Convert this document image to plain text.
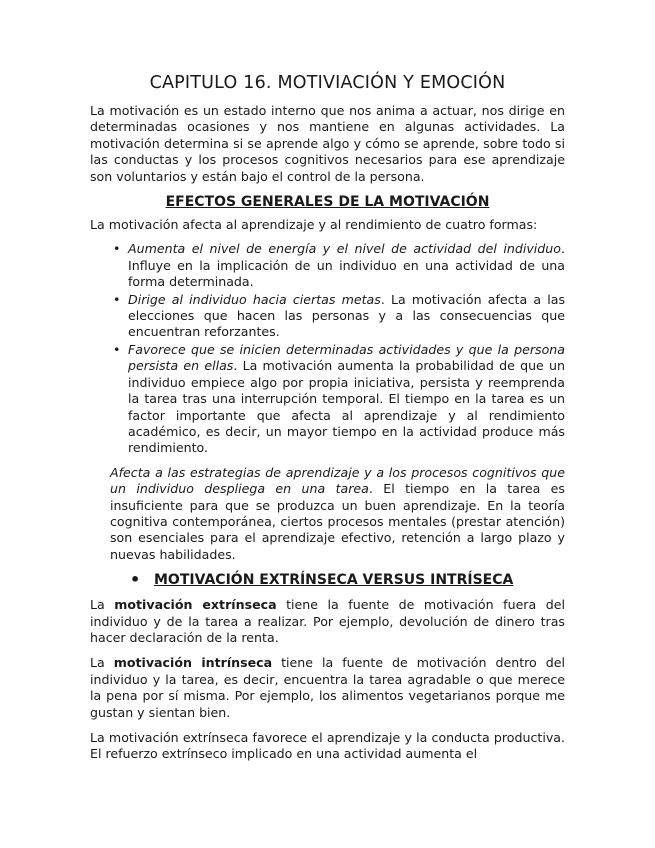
CAPITULO 16. MOTIVIACIÓN Y EMOCIÓN

La motivación es un estado interno que nos anima a actuar, nos dirige en determinadas ocasiones y nos mantiene en algunas actividades. La motivación determina si se aprende algo y cómo se aprende, sobre todo si las conductas y los procesos cognitivos necesarios para ese aprendizaje son voluntarios y están bajo el control de la persona.

EFECTOS GENERALES DE LA MOTIVACIÓN

La motivación afecta al aprendizaje y al rendimiento de cuatro formas:

• Aumenta el nivel de energía y el nivel de actividad del individuo. Influye en la implicación de un individuo en una actividad de una forma determinada.
• Dirige al individuo hacia ciertas metas. La motivación afecta a las elecciones que hacen las personas y a las consecuencias que encuentran reforzantes.
• Favorece que se inicien determinadas actividades y que la persona persista en ellas. La motivación aumenta la probabilidad de que un individuo empiece algo por propia iniciativa, persista y reemprenda la tarea tras una interrupción temporal. El tiempo en la tarea es un factor importante que afecta al aprendizaje y al rendimiento académico, es decir, un mayor tiempo en la actividad produce más rendimiento.

Afecta a las estrategias de aprendizaje y a los procesos cognitivos que un individuo despliega en una tarea. El tiempo en la tarea es insuficiente para que se produzca un buen aprendizaje. En la teoría cognitiva contemporánea, ciertos procesos mentales (prestar atención) son esenciales para el aprendizaje efectivo, retención a largo plazo y nuevas habilidades.

• MOTIVACIÓN EXTRÍNSECA VERSUS INTRÍSECA

La motivación extrínseca tiene la fuente de motivación fuera del individuo y de la tarea a realizar. Por ejemplo, devolución de dinero tras hacer declaración de la renta.

La motivación intrínseca tiene la fuente de motivación dentro del individuo y la tarea, es decir, encuentra la tarea agradable o que merece la pena por sí misma. Por ejemplo, los alimentos vegetarianos porque me gustan y sientan bien.

La motivación extrínseca favorece el aprendizaje y la conducta productiva. El refuerzo extrínseco implicado en una actividad aumenta el
